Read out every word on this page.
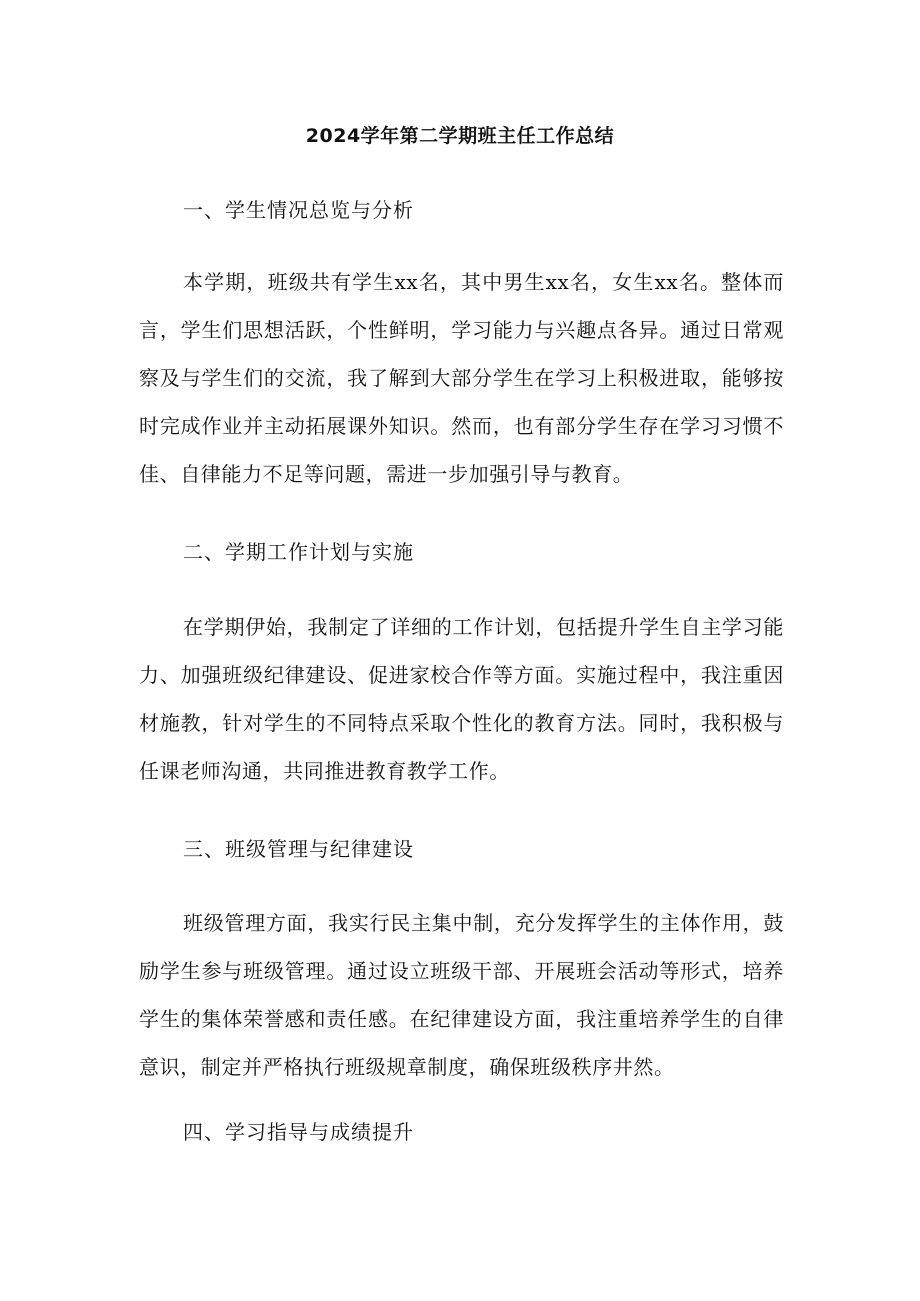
2024学年第二学期班主任工作总结
一、学生情况总览与分析

本学期，班级共有学生xx名，其中男生xx名，女生xx名。整体而言，学生们思想活跃，个性鲜明，学习能力与兴趣点各异。通过日常观察及与学生们的交流，我了解到大部分学生在学习上积极进取，能够按时完成作业并主动拓展课外知识。然而，也有部分学生存在学习习惯不佳、自律能力不足等问题，需进一步加强引导与教育。

二、学期工作计划与实施

在学期伊始，我制定了详细的工作计划，包括提升学生自主学习能力、加强班级纪律建设、促进家校合作等方面。实施过程中，我注重因材施教，针对学生的不同特点采取个性化的教育方法。同时，我积极与任课老师沟通，共同推进教育教学工作。

三、班级管理与纪律建设

班级管理方面，我实行民主集中制，充分发挥学生的主体作用，鼓励学生参与班级管理。通过设立班级干部、开展班会活动等形式，培养学生的集体荣誉感和责任感。在纪律建设方面，我注重培养学生的自律意识，制定并严格执行班级规章制度，确保班级秩序井然。

四、学习指导与成绩提升
